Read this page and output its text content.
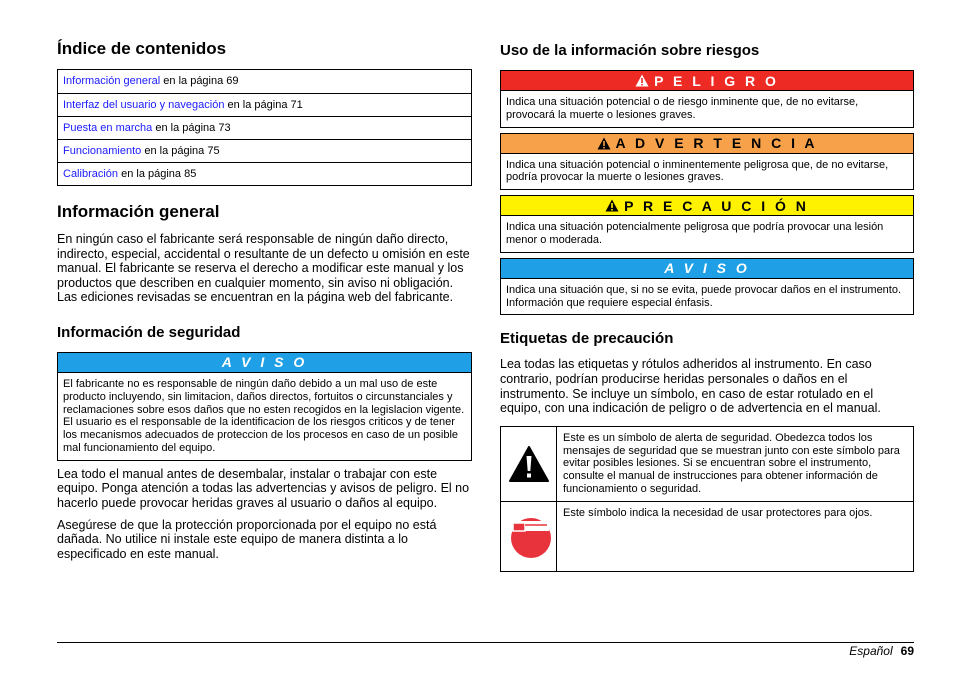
Índice de contenidos
Información general en la página 69
Interfaz del usuario y navegación en la página 71
Puesta en marcha en la página 73
Funcionamiento en la página 75
Calibración en la página 85
Información general

En ningún caso el fabricante será responsable de ningún daño directo, indirecto, especial, accidental o resultante de un defecto u omisión en este manual. El fabricante se reserva el derecho a modificar este manual y los productos que describen en cualquier momento, sin aviso ni obligación. Las ediciones revisadas se encuentran en la página web del fabricante.

Información de seguridad
A V I S O
El fabricante no es responsable de ningún daño debido a un mal uso de este producto incluyendo, sin limitacion, daños directos, fortuitos o circunstanciales y reclamaciones sobre esos daños que no esten recogidos en la legislacion vigente. El usuario es el responsable de la identificacion de los riesgos criticos y de tener los mecanismos adecuados de proteccion de los procesos en caso de un posible mal funcionamiento del equipo.

Lea todo el manual antes de desembalar, instalar o trabajar con este equipo. Ponga atención a todas las advertencias y avisos de peligro. El no hacerlo puede provocar heridas graves al usuario o daños al equipo.

Asegúrese de que la protección proporcionada por el equipo no está dañada. No utilice ni instale este equipo de manera distinta a lo especificado en este manual.

Uso de la información sobre riesgos
P E L I G R O
Indica una situación potencial o de riesgo inminente que, de no evitarse, provocará la muerte o lesiones graves.
A D V E R T E N C I A
Indica una situación potencial o inminentemente peligrosa que, de no evitarse, podría provocar la muerte o lesiones graves.
P R E C A U C I Ó N
Indica una situación potencialmente peligrosa que podría provocar una lesión menor o moderada.
A V I S O
Indica una situación que, si no se evita, puede provocar daños en el instrumento. Información que requiere especial énfasis.
Etiquetas de precaución

Lea todas las etiquetas y rótulos adheridos al instrumento. En caso contrario, podrían producirse heridas personales o daños en el instrumento. Se incluye un símbolo, en caso de estar rotulado en el equipo, con una indicación de peligro o de advertencia en el manual.

Este es un símbolo de alerta de seguridad. Obedezca todos los mensajes de seguridad que se muestran junto con este símbolo para evitar posibles lesiones. Si se encuentran sobre el instrumento, consulte el manual de instrucciones para obtener información de funcionamiento o seguridad.
Este símbolo indica la necesidad de usar protectores para ojos.
Español 69
